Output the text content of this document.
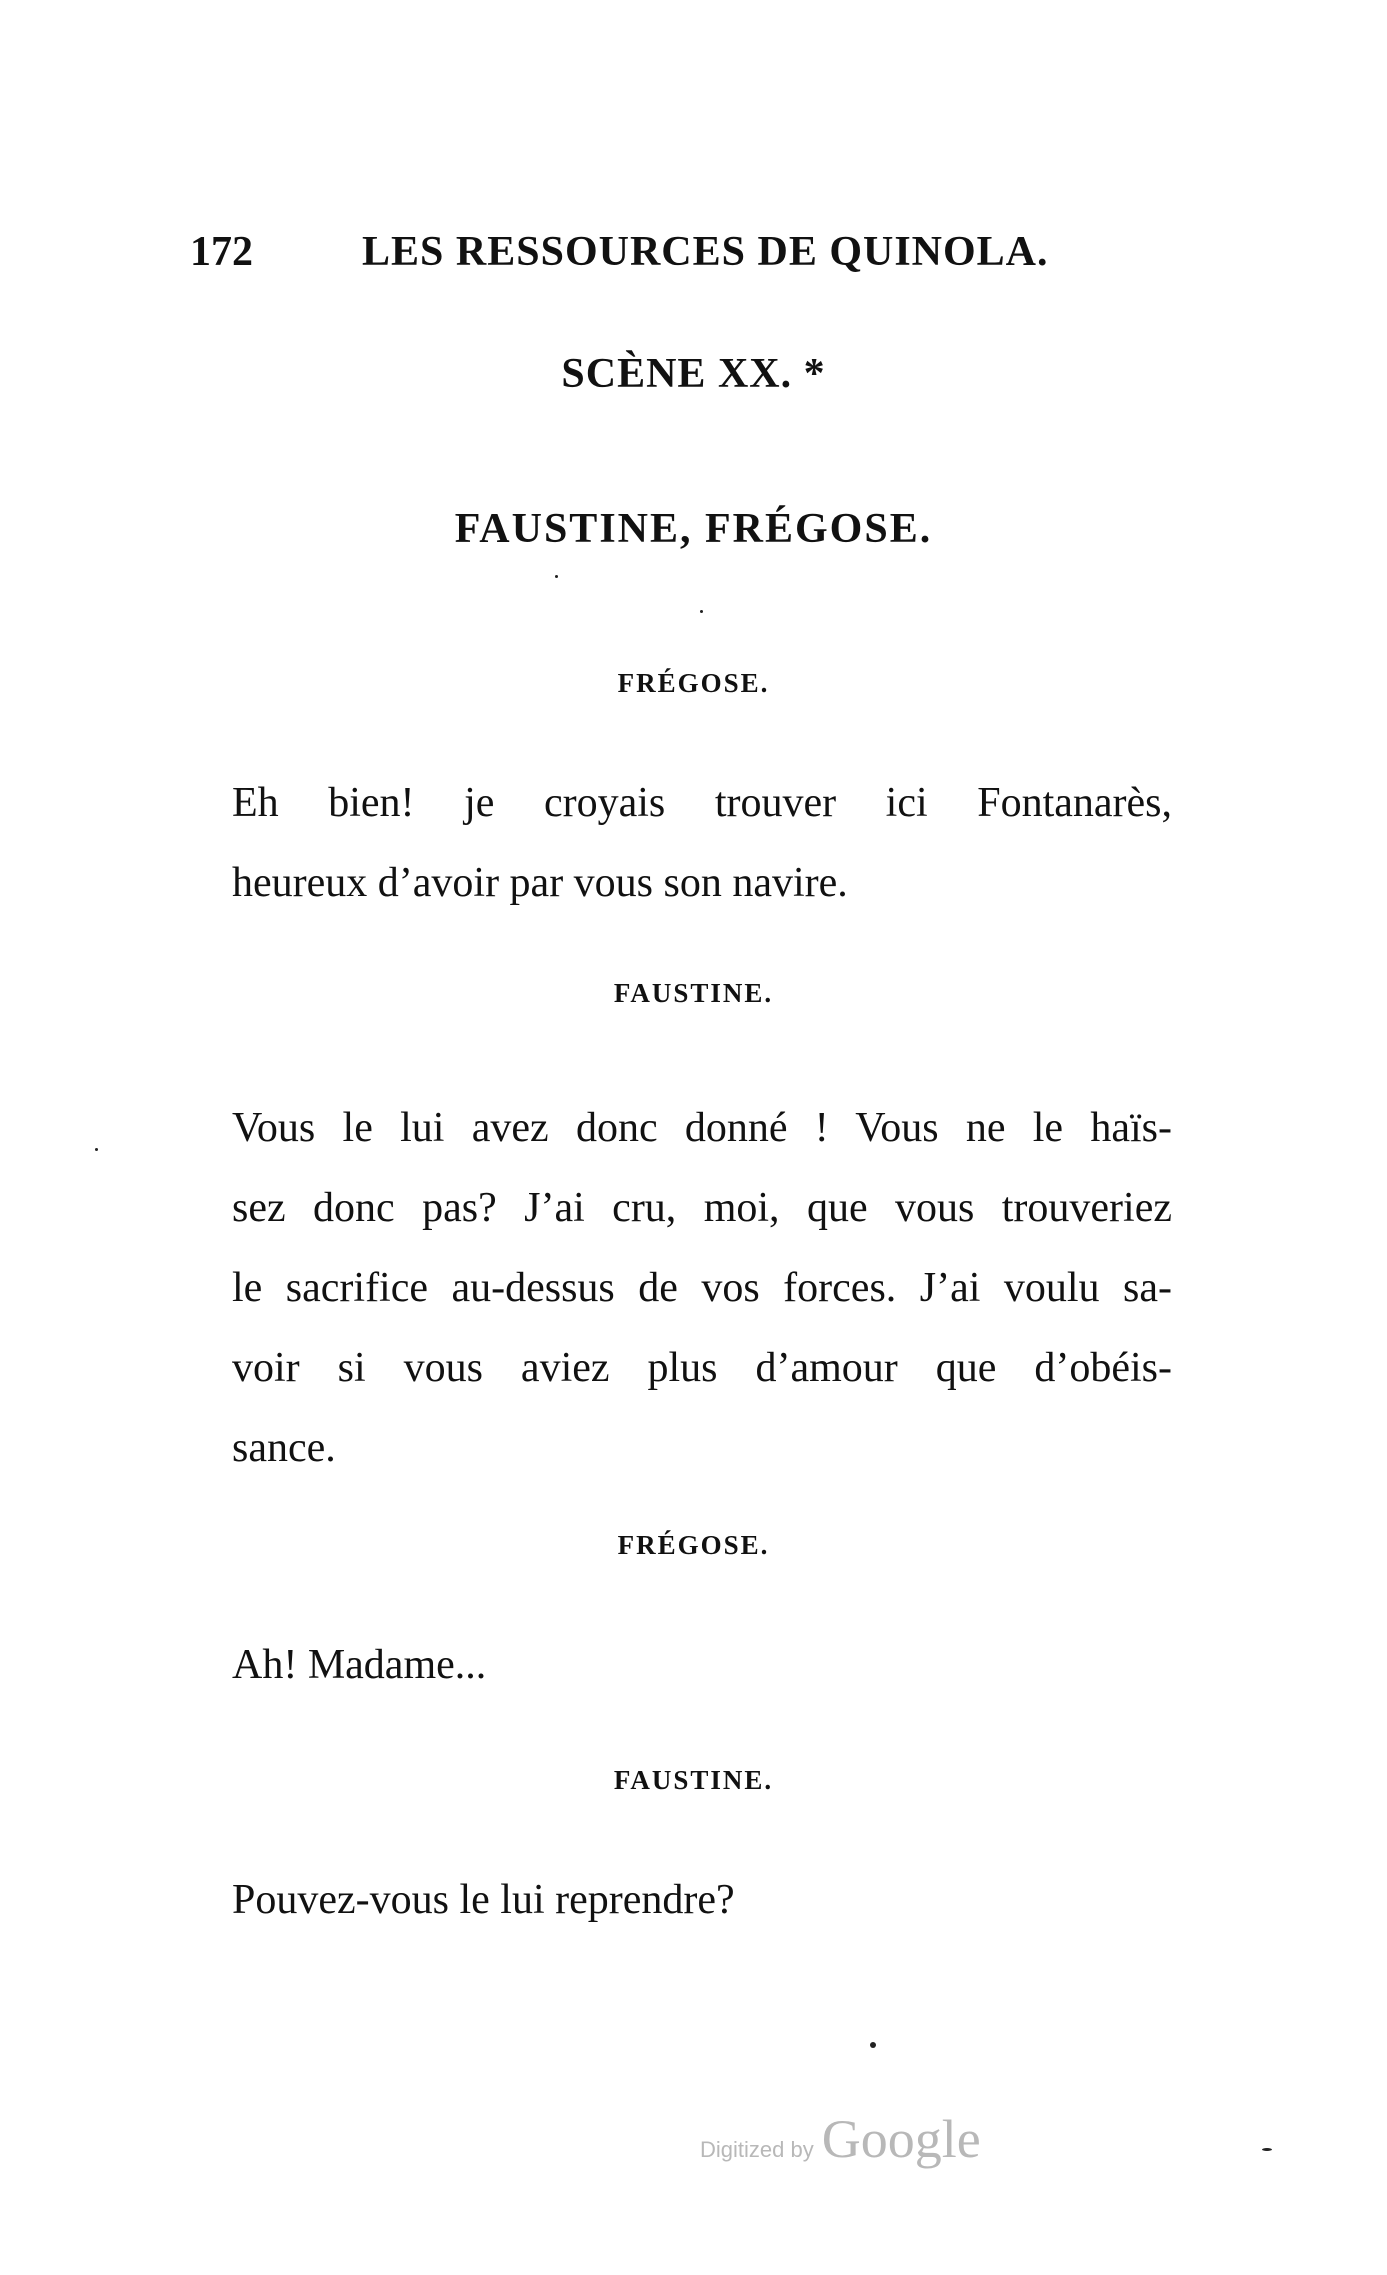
172	LES RESSOURCES DE QUINOLA.
SCÈNE XX. *
FAUSTINE, FRÉGOSE.
FRÉGOSE.
Eh bien! je croyais trouver ici Fontanarès,
heureux d’avoir par vous son navire.
FAUSTINE.
Vous le lui avez donc donné ! Vous ne le haïs-
sez donc pas? J’ai cru, moi, que vous trouveriez
le sacrifice au-dessus de vos forces. J’ai voulu sa-
voir si vous aviez plus d’amour que d’obéis-
sance.
FRÉGOSE.
Ah! Madame...
FAUSTINE.
Pouvez-vous le lui reprendre?
Digitized by Google
